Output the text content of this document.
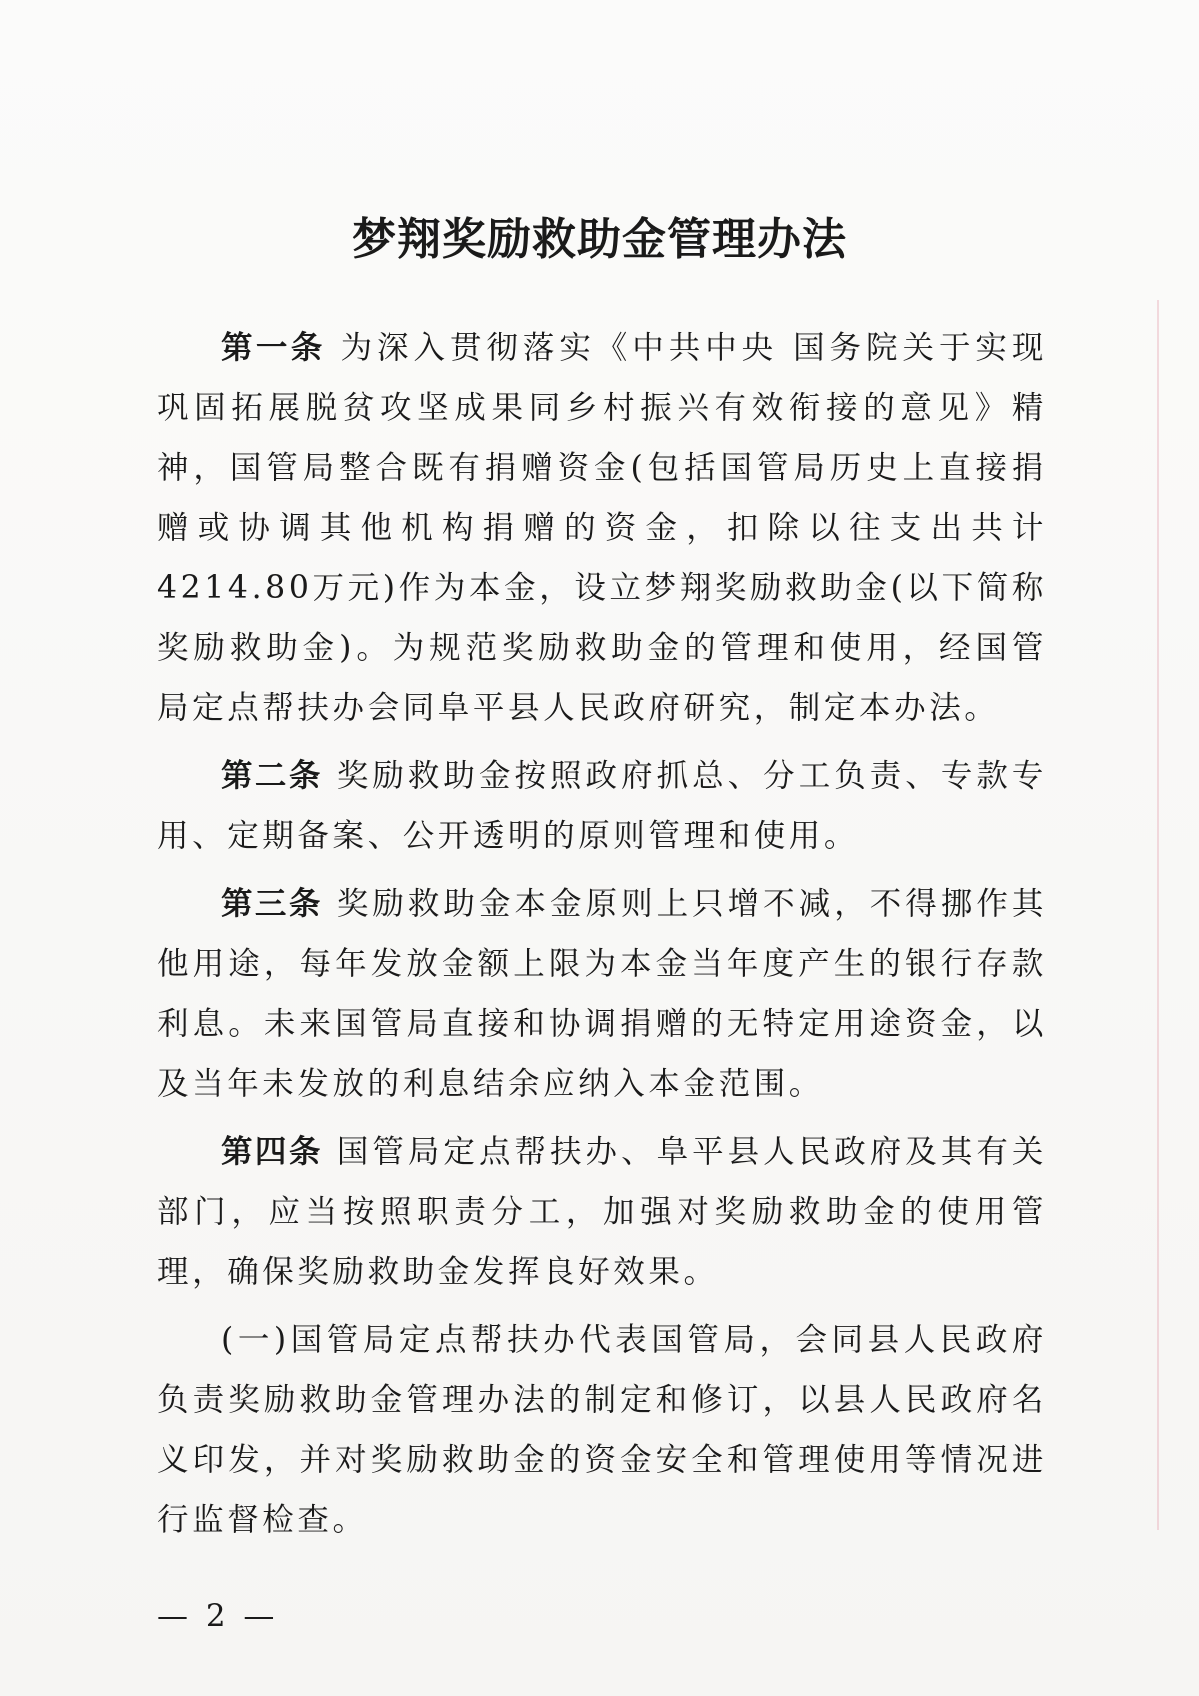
梦翔奖励救助金管理办法

第一条 为深入贯彻落实《中共中央 国务院关于实现巩固拓展脱贫攻坚成果同乡村振兴有效衔接的意见》精神，国管局整合既有捐赠资金(包括国管局历史上直接捐赠或协调其他机构捐赠的资金，扣除以往支出共计4214.80万元)作为本金，设立梦翔奖励救助金(以下简称奖励救助金)。为规范奖励救助金的管理和使用，经国管局定点帮扶办会同阜平县人民政府研究，制定本办法。

第二条 奖励救助金按照政府抓总、分工负责、专款专用、定期备案、公开透明的原则管理和使用。

第三条 奖励救助金本金原则上只增不减，不得挪作其他用途，每年发放金额上限为本金当年度产生的银行存款利息。未来国管局直接和协调捐赠的无特定用途资金，以及当年未发放的利息结余应纳入本金范围。

第四条 国管局定点帮扶办、阜平县人民政府及其有关部门，应当按照职责分工，加强对奖励救助金的使用管理，确保奖励救助金发挥良好效果。

(一)国管局定点帮扶办代表国管局，会同县人民政府负责奖励救助金管理办法的制定和修订，以县人民政府名义印发，并对奖励救助金的资金安全和管理使用等情况进行监督检查。

— 2 —
